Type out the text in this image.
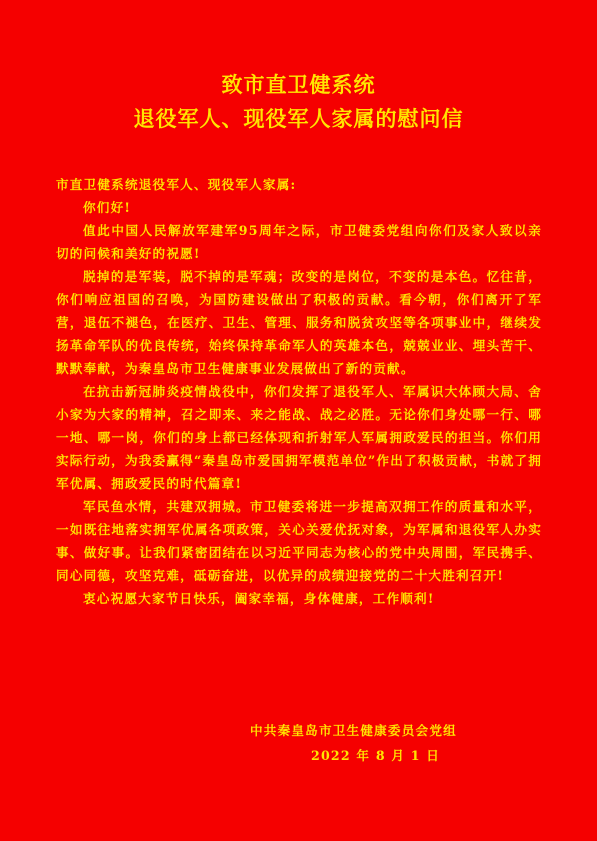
致市直卫健系统
退役军人、现役军人家属的慰问信

市直卫健系统退役军人、现役军人家属:

你们好!

值此中国人民解放军建军95周年之际，市卫健委党组向你们及家人致以亲切的问候和美好的祝愿!

脱掉的是军装，脱不掉的是军魂；改变的是岗位，不变的是本色。忆往昔，你们响应祖国的召唤，为国防建设做出了积极的贡献。看今朝，你们离开了军营，退伍不褪色，在医疗、卫生、管理、服务和脱贫攻坚等各项事业中，继续发扬革命军队的优良传统，始终保持革命军人的英雄本色，兢兢业业、埋头苦干、默默奉献，为秦皇岛市卫生健康事业发展做出了新的贡献。

在抗击新冠肺炎疫情战役中，你们发挥了退役军人、军属识大体顾大局、舍小家为大家的精神，召之即来、来之能战、战之必胜。无论你们身处哪一行、哪一地、哪一岗，你们的身上都已经体现和折射军人军属拥政爱民的担当。你们用实际行动，为我委赢得“秦皇岛市爱国拥军模范单位”作出了积极贡献，书就了拥军优属、拥政爱民的时代篇章!

军民鱼水情，共建双拥城。市卫健委将进一步提高双拥工作的质量和水平，一如既往地落实拥军优属各项政策，关心关爱优抚对象，为军属和退役军人办实事、做好事。让我们紧密团结在以习近平同志为核心的党中央周围，军民携手、同心同德，攻坚克难，砥砺奋进，以优异的成绩迎接党的二十大胜利召开!

衷心祝愿大家节日快乐，阖家幸福，身体健康，工作顺利!

中共秦皇岛市卫生健康委员会党组
2022 年 8 月 1 日
